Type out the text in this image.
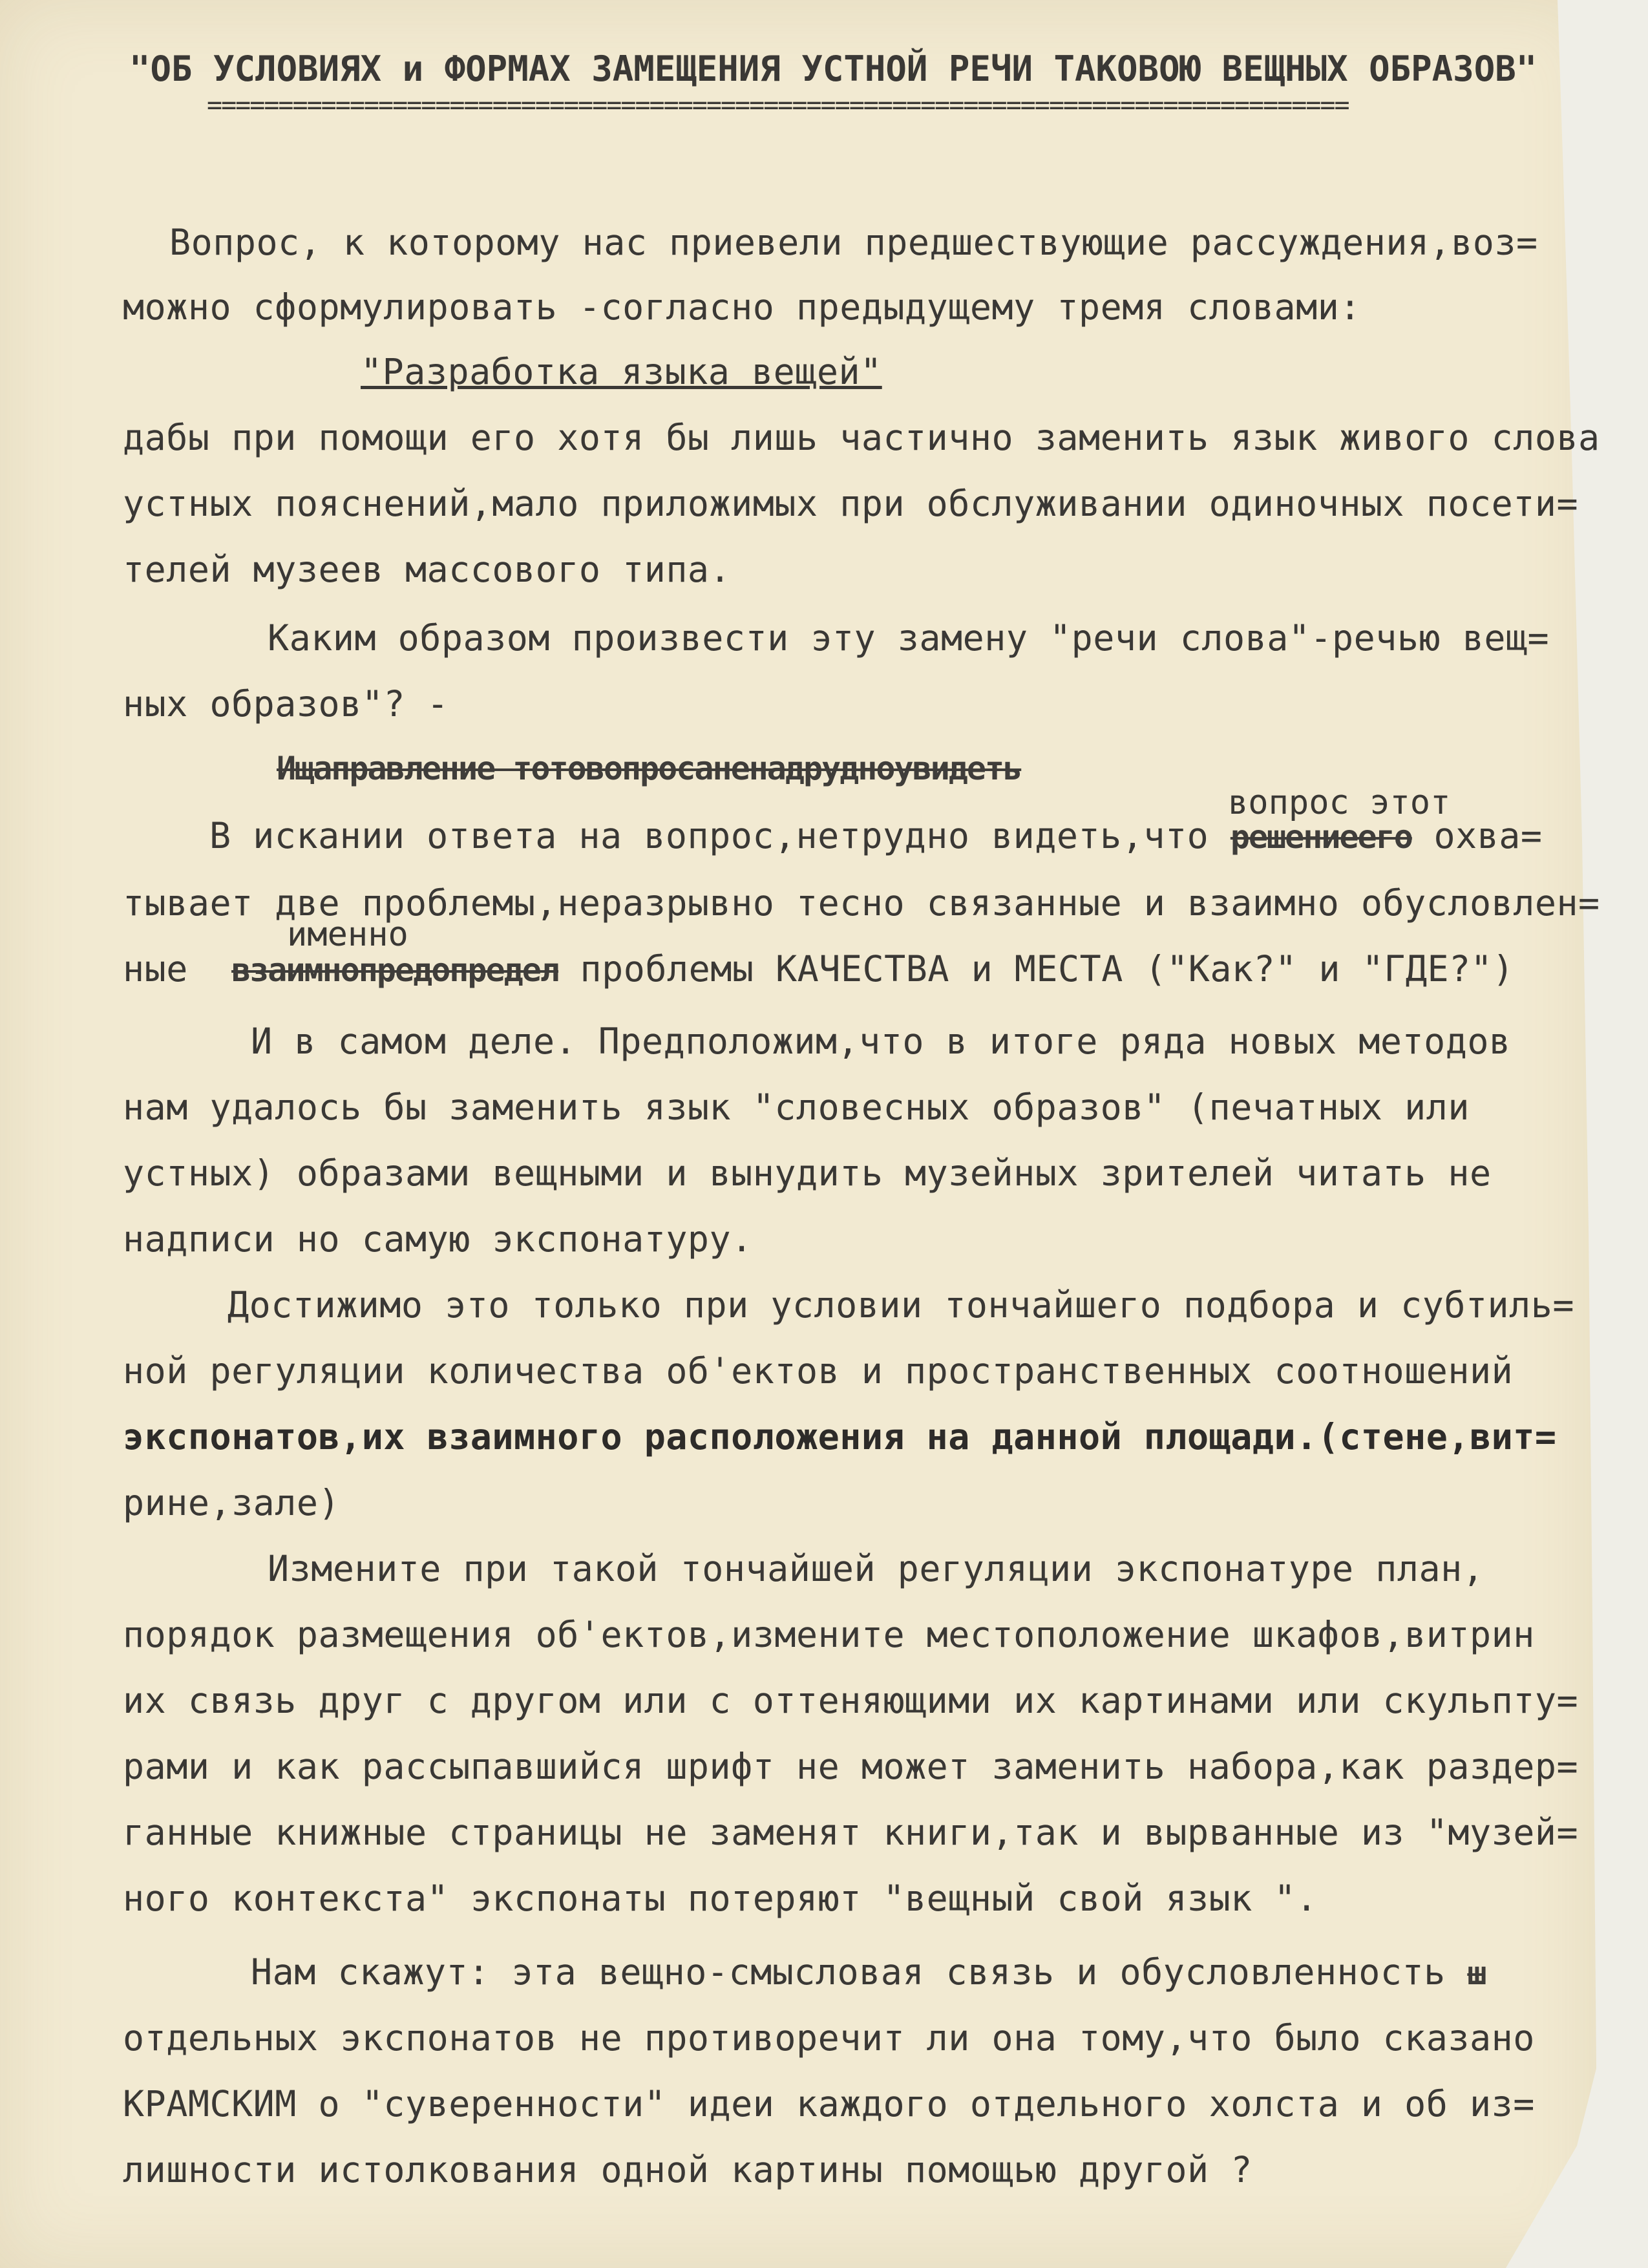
"ОБ УСЛОВИЯХ и ФОРМАХ ЗАМЕЩЕНИЯ УСТНОЙ РЕЧИ ТАКОВОЮ ВЕЩНЫХ ОБРАЗОВ"
================================================================================
Вопрос, к которому нас приевели предшествующие рассуждения,воз=
можно сформулировать -согласно предыдущему тремя словами:
"Разработка языка вещей"
дабы при помощи его хотя бы лишь частично заменить язык живого слова
устных пояснений,мало приложимых при обслуживании одиночных посети=
телей музеев массового типа.
Каким образом произвести эту замену "речи слова"-речью вещ=
ных образов"? -
Ищаправление тотовопросаненадрудноувидеть
вопрос этот
В искании ответа на вопрос,нетрудно видеть,что решениеего охва=
тывает две проблемы,неразрывно тесно связанные и взаимно обусловлен=
именно
ные  взаимнопредопредел проблемы КАЧЕСТВА и МЕСТА ("Как?" и "ГДЕ?")
И в самом деле. Предположим,что в итоге ряда новых методов
нам удалось бы заменить язык "словесных образов" (печатных или
устных) образами вещными и вынудить музейных зрителей читать не
надписи но самую экспонатуру.
Достижимо это только при условии тончайшего подбора и субтиль=
ной регуляции количества об'ектов и пространственных соотношений
экспонатов,их взаимного расположения на данной площади.(стене,вит=
рине,зале)
Измените при такой тончайшей регуляции экспонатуре план,
порядок размещения об'ектов,измените местоположение шкафов,витрин
их связь друг с другом или с оттеняющими их картинами или скульпту=
рами и как рассыпавшийся шрифт не может заменить набора,как раздер=
ганные книжные страницы не заменят книги,так и вырванные из "музей=
ного контекста" экспонаты потеряют "вещный свой язык ".
Нам скажут: эта вещно-смысловая связь и обусловленность ш
отдельных экспонатов не противоречит ли она тому,что было сказано
КРАМСКИМ о "суверенности" идеи каждого отдельного холста и об из=
лишности истолкования одной картины помощью другой ?
